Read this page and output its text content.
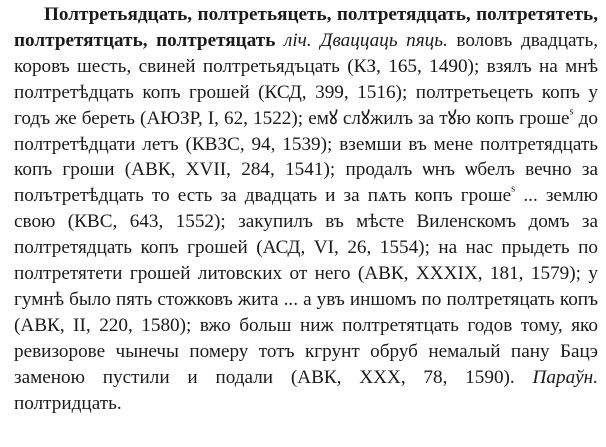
Полтретьядцать, полтретьяцеть, полтретядцать, полтретятеть, полтретятцать, полтретяцать ліч. Дваццаць пяць. воловъ двадцать, коровъ шесть, свиней полтретьядъцать (КЗ, 165, 1490); взялъ на мнѣ полтретѣдцать копъ грошей (КСД, 399, 1516); полтретьецеть копъ у годъ же береть (АЮЗР, I, 62, 1522); емꙋ слꙋжилъ за тꙋю копъ гроше$^s$ до полтретѣдцати летъ (КВЗС, 94, 1539); вземши въ мене полтретядцать копъ гроши (АВК, XVII, 284, 1541); продалъ ѡнъ ѡбелъ вечно за полътретѣдцать то есть за двадцать и за пѧть копъ гроше$^s$ ... землю свою (КВС, 643, 1552); закупилъ въ мѣсте Виленскомъ домъ за полтретядцать копъ грошей (АСД, VI, 26, 1554); на нас прыдеть по полтретятети грошей литовских от него (АВК, XXXIX, 181, 1579); у гумнѣ было пять стожковъ жита ... а увъ иншомъ по полтретяцать копъ (АВК, II, 220, 1580); вжо больш ниж полтретятцать годов тому, яко ревизорове чынечы померу тотъ кгрунт обруб немалый пану Бацэ заменою пустили и подали (АВК, XXX, 78, 1590). Параўн. полтридцать.
